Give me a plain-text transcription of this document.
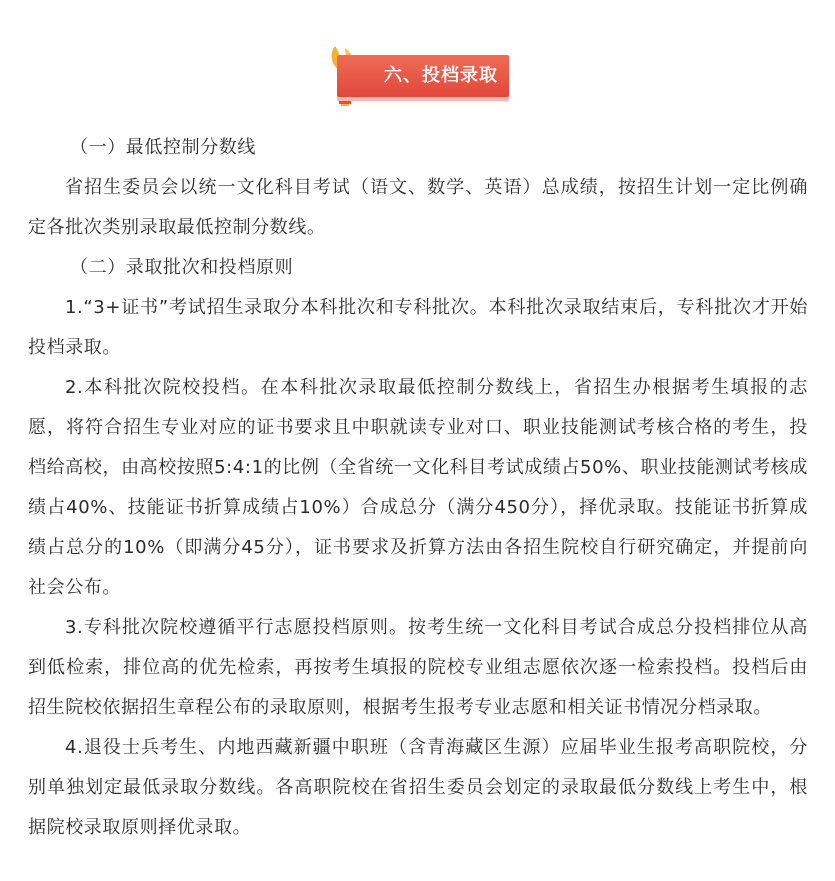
六、投档录取

（一）最低控制分数线

省招生委员会以统一文化科目考试（语文、数学、英语）总成绩，按招生计划一定比例确定各批次类别录取最低控制分数线。

（二）录取批次和投档原则

1.“3+证书”考试招生录取分本科批次和专科批次。本科批次录取结束后，专科批次才开始投档录取。

2.本科批次院校投档。在本科批次录取最低控制分数线上，省招生办根据考生填报的志愿，将符合招生专业对应的证书要求且中职就读专业对口、职业技能测试考核合格的考生，投档给高校，由高校按照5:4:1的比例（全省统一文化科目考试成绩占50%、职业技能测试考核成绩占40%、技能证书折算成绩占10%）合成总分（满分450分），择优录取。技能证书折算成绩占总分的10%（即满分45分），证书要求及折算方法由各招生院校自行研究确定，并提前向社会公布。

3.专科批次院校遵循平行志愿投档原则。按考生统一文化科目考试合成总分投档排位从高到低检索，排位高的优先检索，再按考生填报的院校专业组志愿依次逐一检索投档。投档后由招生院校依据招生章程公布的录取原则，根据考生报考专业志愿和相关证书情况分档录取。

4.退役士兵考生、内地西藏新疆中职班（含青海藏区生源）应届毕业生报考高职院校，分别单独划定最低录取分数线。各高职院校在省招生委员会划定的录取最低分数线上考生中，根据院校录取原则择优录取。
